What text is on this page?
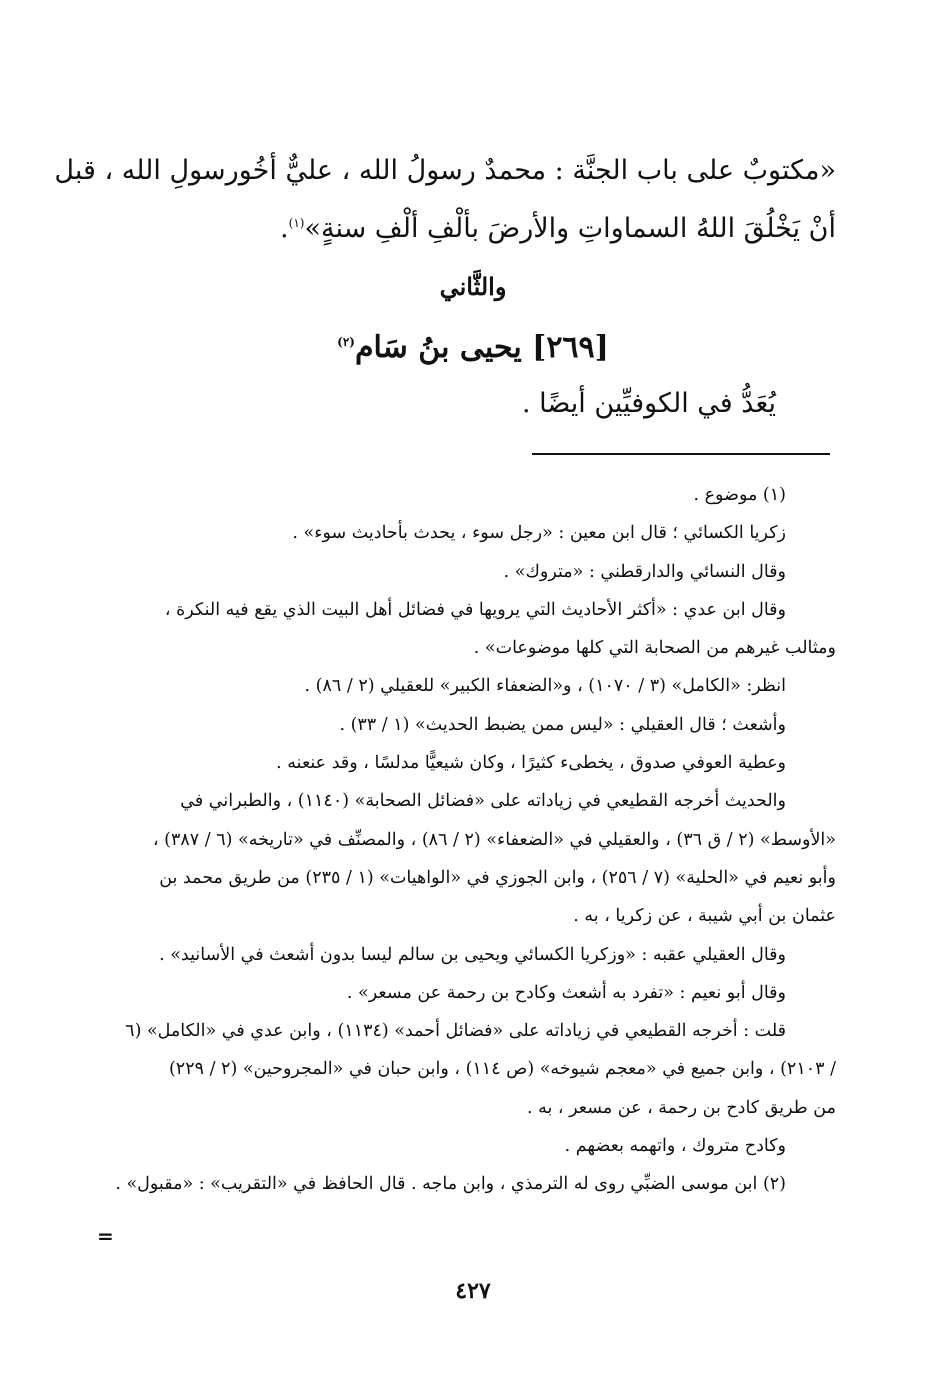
«مكتوبٌ على باب الجنَّة : محمدٌ رسولُ الله ، عليٌّ أخُورسولِ الله ، قبل
أنْ يَخْلُقَ اللهُ السماواتِ والأرضَ بألْفِ ألْفِ سنةٍ»$^{(١)}$.
والثَّاني
[٢٦٩] يحيى بنُ سَام$^{(٢)}$
يُعَدُّ في الكوفيِّين أيضًا .
(١) موضوع .
زكريا الكسائي ؛ قال ابن معين : «رجل سوء ، يحدث بأحاديث سوء» .
وقال النسائي والدارقطني : «متروك» .
وقال ابن عدي : «أكثر الأحاديث التي يرويها في فضائل أهل البيت الذي يقع فيه النكرة ،
ومثالب غيرهم من الصحابة التي كلها موضوعات» .
انظر: «الكامل» (٣ / ١٠٧٠) ، و«الضعفاء الكبير» للعقيلي (٢ / ٨٦) .
وأشعث ؛ قال العقيلي : «ليس ممن يضبط الحديث» (١ / ٣٣) .
وعطية العوفي صدوق ، يخطىء كثيرًا ، وكان شيعيًّا مدلسًا ، وقد عنعنه .
والحديث أخرجه القطيعي في زياداته على «فضائل الصحابة» (١١٤٠) ، والطبراني في
«الأوسط» (٢ / ق ٣٦) ، والعقيلي في «الضعفاء» (٢ / ٨٦) ، والمصنِّف في «تاريخه» (٦ / ٣٨٧) ،
وأبو نعيم في «الحلية» (٧ / ٢٥٦) ، وابن الجوزي في «الواهيات» (١ / ٢٣٥) من طريق محمد بن
عثمان بن أبي شيبة ، عن زكريا ، به .
وقال العقيلي عقبه : «وزكريا الكسائي ويحيى بن سالم ليسا بدون أشعث في الأسانيد» .
وقال أبو نعيم : «تفرد به أشعث وكادح بن رحمة عن مسعر» .
قلت : أخرجه القطيعي في زياداته على «فضائل أحمد» (١١٣٤) ، وابن عدي في «الكامل» (٦
/ ٢١٠٣) ، وابن جميع في «معجم شيوخه» (ص ١١٤) ، وابن حبان في «المجروحين» (٢ / ٢٢٩)
من طريق كادح بن رحمة ، عن مسعر ، به .
وكادح متروك ، واتهمه بعضهم .
(٢) ابن موسى الضبِّي روى له الترمذي ، وابن ماجه . قال الحافظ في «التقريب» : «مقبول» .
=
٤٢٧
